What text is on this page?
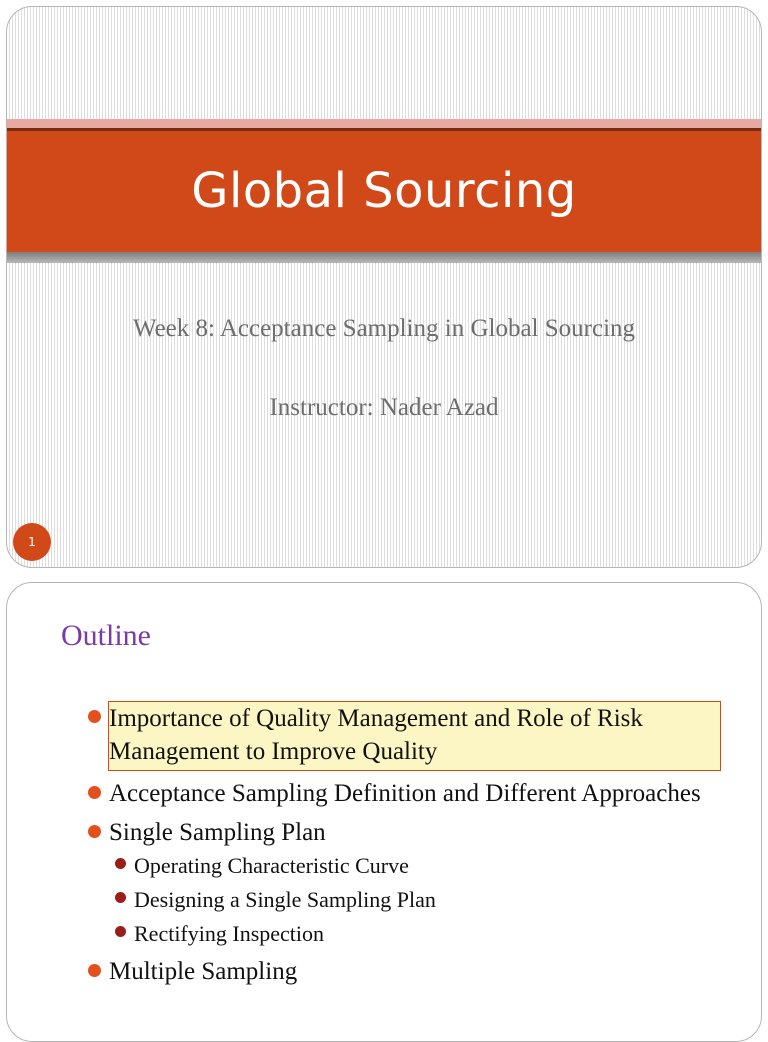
Global Sourcing
Week 8: Acceptance Sampling in Global Sourcing
Instructor: Nader Azad
1
Outline
Importance of Quality Management and Role of Risk Management to Improve Quality
Acceptance Sampling Definition and Different Approaches
Single Sampling Plan
Operating Characteristic Curve
Designing a Single Sampling Plan
Rectifying Inspection
Multiple Sampling
